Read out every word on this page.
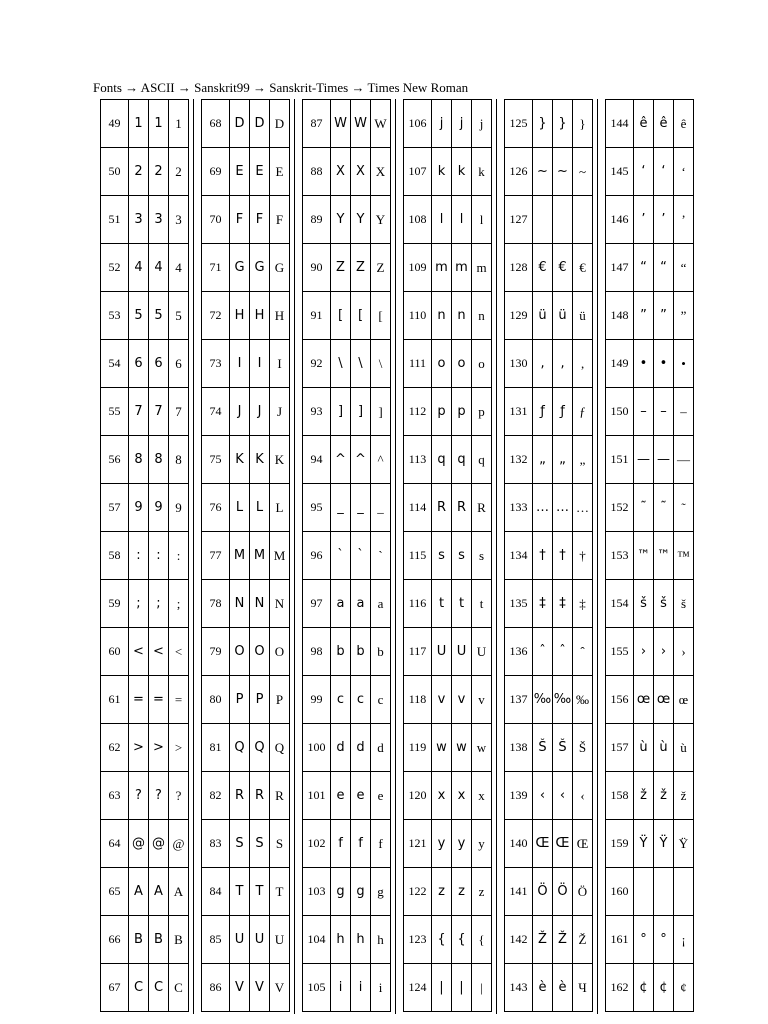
Fonts → ASCII → Sanskrit99 → Sanskrit-Times → Times New Roman
49	1	1	1
50	2	2	2
51	3	3	3
52	4	4	4
53	5	5	5
54	6	6	6
55	7	7	7
56	8	8	8
57	9	9	9
58	:	:	:
59	;	;	;
60	<	<	<
61	=	=	=
62	>	>	>
63	?	?	?
64	@	@	@
65	A	A	A
66	B	B	B
67	C	C	C
68	D	D	D
69	E	E	E
70	F	F	F
71	G	G	G
72	H	H	H
73	I	I	I
74	J	J	J
75	K	K	K
76	L	L	L
77	M	M	M
78	N	N	N
79	O	O	O
80	P	P	P
81	Q	Q	Q
82	R	R	R
83	S	S	S
84	T	T	T
85	U	U	U
86	V	V	V
87	W	W	W
88	X	X	X
89	Y	Y	Y
90	Z	Z	Z
91	[	[	[
92	\	\	\
93	]	]	]
94	^	^	^
95	_	_	_
96	`	`	`
97	a	a	a
98	b	b	b
99	c	c	c
100	d	d	d
101	e	e	e
102	f	f	f
103	g	g	g
104	h	h	h
105	i	i	i
106	j	j	j
107	k	k	k
108	l	l	l
109	m	m	m
110	n	n	n
111	o	o	o
112	p	p	p
113	q	q	q
114	R	R	R
115	s	s	s
116	t	t	t
117	U	U	U
118	v	v	v
119	w	w	w
120	x	x	x
121	y	y	y
122	z	z	z
123	{	{	{
124	|	|	|
125	}	}	}
126	~	~	~
127			
128	€	€	€
129	ü	ü	ü
130	‚	‚	‚
131	ƒ	ƒ	ƒ
132	„	„	„
133	…	…	…
134	†	†	†
135	‡	‡	‡
136	ˆ	ˆ	ˆ
137	‰	‰	‰
138	Š	Š	Š
139	‹	‹	‹
140	Œ	Œ	Œ
141	Ö	Ö	Ö
142	Ž	Ž	Ž
143	è	è	Ч
144	ê	ê	ê
145	‘	‘	‘
146	’	’	’
147	“	“	“
148	”	”	”
149	•	•	•
150	–	–	–
151	—	—	—
152	˜	˜	˜
153	™	™	™
154	š	š	š
155	›	›	›
156	œ	œ	œ
157	ù	ù	ù
158	ž	ž	ž
159	Ÿ	Ÿ	Ÿ
160			
161	°	°	¡
162	¢	¢	¢
